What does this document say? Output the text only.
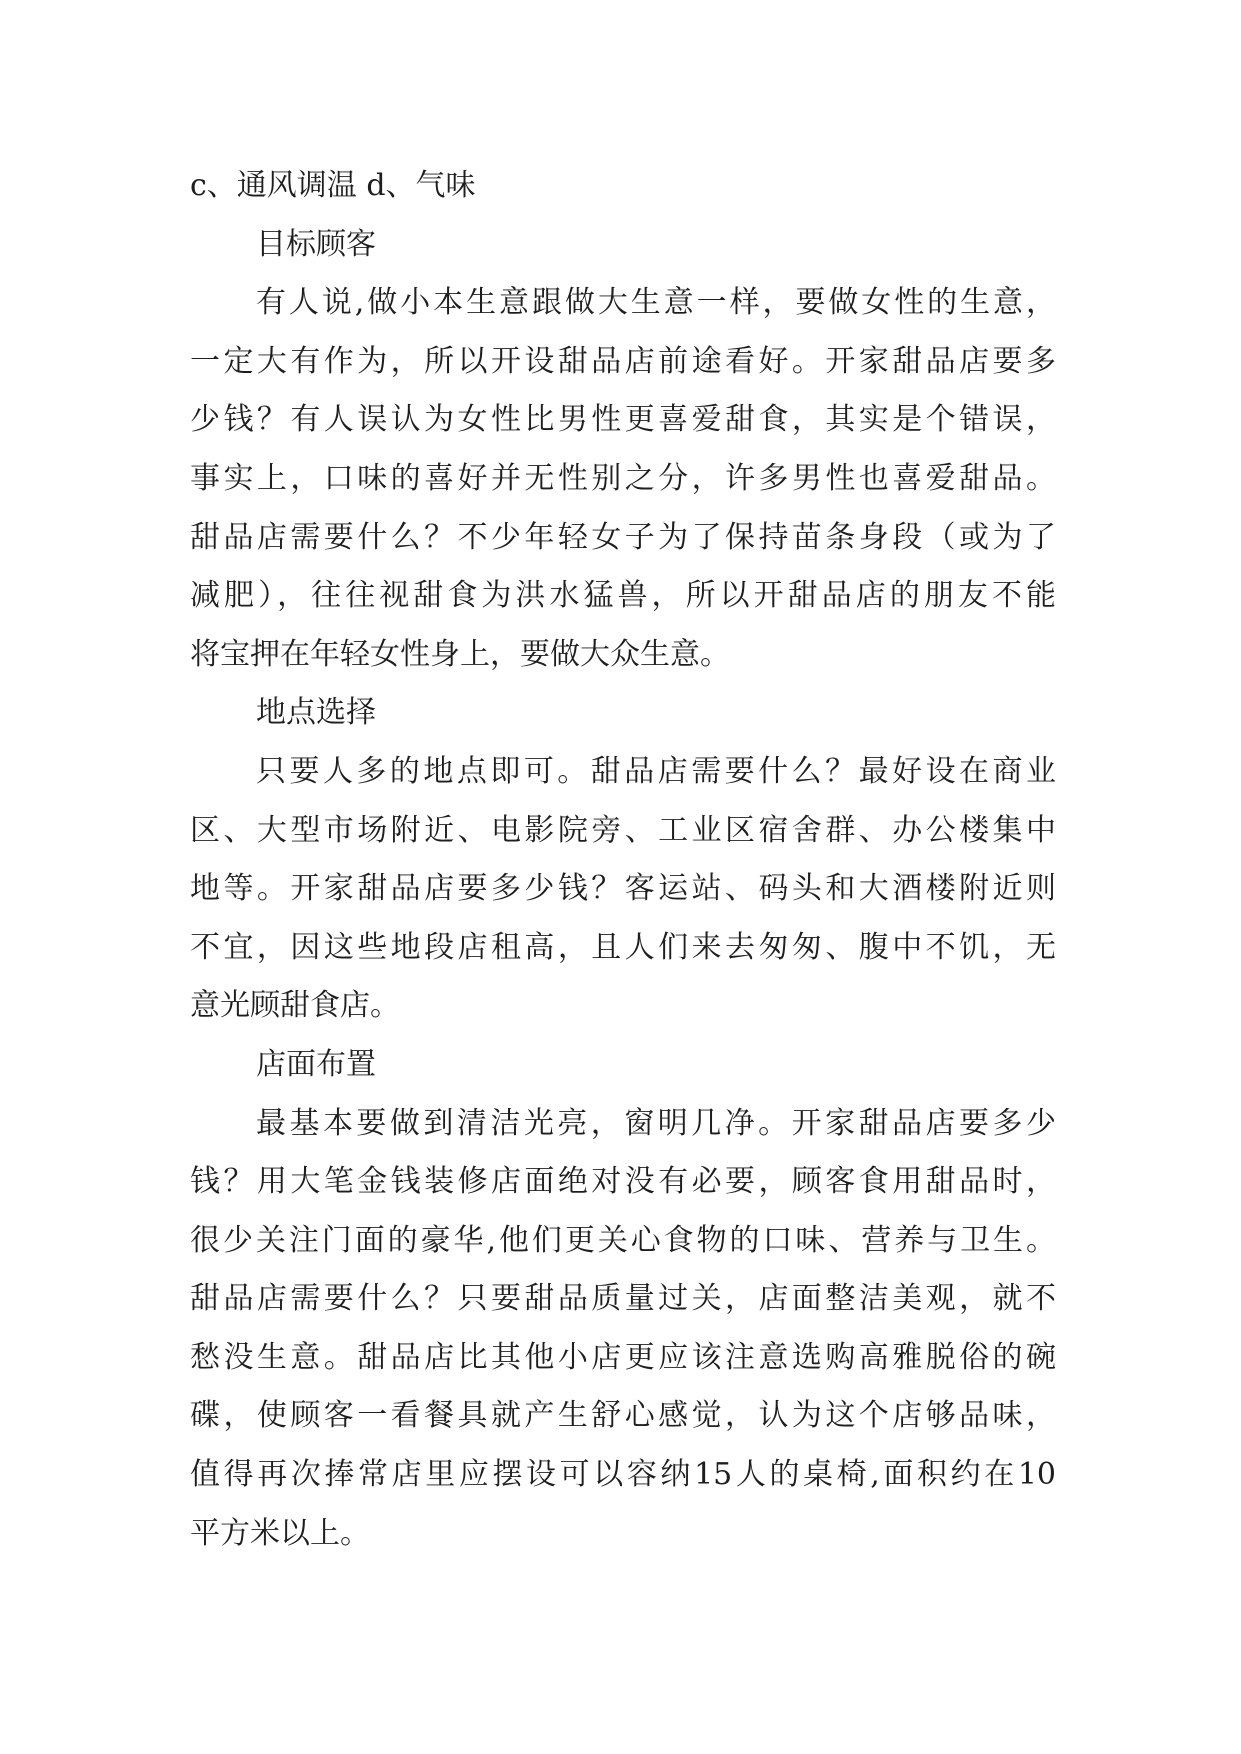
c、通风调温 d、气味
目标顾客
有人说,做小本生意跟做大生意一样，要做女性的生意，
一定大有作为，所以开设甜品店前途看好。开家甜品店要多
少钱？有人误认为女性比男性更喜爱甜食，其实是个错误，
事实上，口味的喜好并无性别之分，许多男性也喜爱甜品。
甜品店需要什么？不少年轻女子为了保持苗条身段（或为了
减肥），往往视甜食为洪水猛兽，所以开甜品店的朋友不能
将宝押在年轻女性身上，要做大众生意。
地点选择
只要人多的地点即可。甜品店需要什么？最好设在商业
区、大型市场附近、电影院旁、工业区宿舍群、办公楼集中
地等。开家甜品店要多少钱？客运站、码头和大酒楼附近则
不宜，因这些地段店租高，且人们来去匆匆、腹中不饥，无
意光顾甜食店。
店面布置
最基本要做到清洁光亮，窗明几净。开家甜品店要多少
钱？用大笔金钱装修店面绝对没有必要，顾客食用甜品时，
很少关注门面的豪华,他们更关心食物的口味、营养与卫生。
甜品店需要什么？只要甜品质量过关，店面整洁美观，就不
愁没生意。甜品店比其他小店更应该注意选购高雅脱俗的碗
碟，使顾客一看餐具就产生舒心感觉，认为这个店够品味，
值得再次捧常店里应摆设可以容纳15人的桌椅,面积约在10
平方米以上。
